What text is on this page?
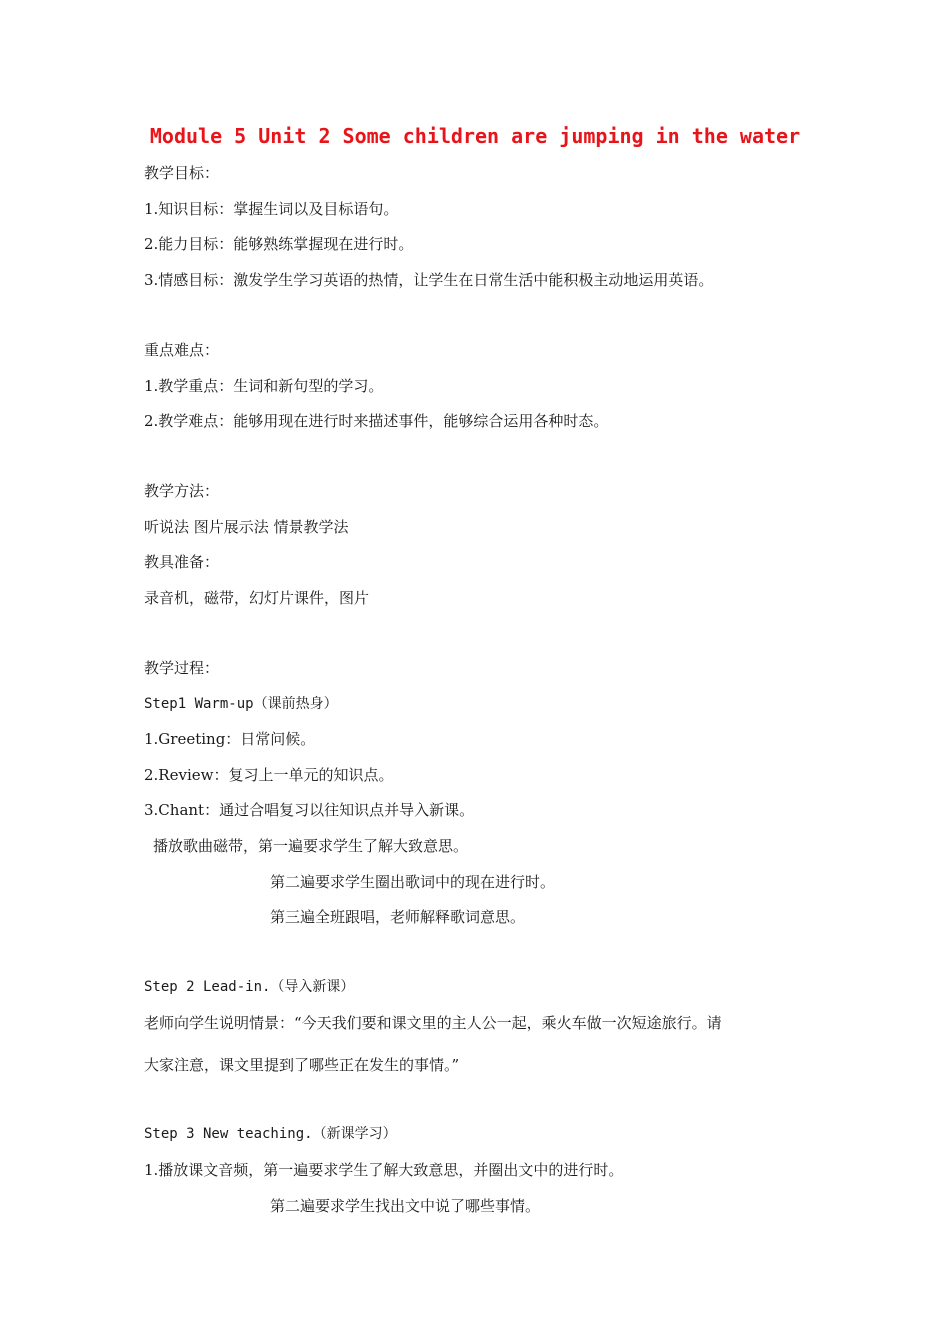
Module 5 Unit 2 Some children are jumping in the water
教学目标：
1.知识目标：掌握生词以及目标语句。
2.能力目标：能够熟练掌握现在进行时。
3.情感目标：激发学生学习英语的热情，让学生在日常生活中能积极主动地运用英语。
重点难点：
1.教学重点：生词和新句型的学习。
2.教学难点：能够用现在进行时来描述事件，能够综合运用各种时态。
教学方法：
听说法 图片展示法 情景教学法
教具准备：
录音机，磁带，幻灯片课件，图片
教学过程：
Step1 Warm-up（课前热身）
1.Greeting：日常问候。
2.Review：复习上一单元的知识点。
3.Chant：通过合唱复习以往知识点并导入新课。
播放歌曲磁带，第一遍要求学生了解大致意思。
第二遍要求学生圈出歌词中的现在进行时。
第三遍全班跟唱，老师解释歌词意思。
Step 2 Lead-in.（导入新课）
老师向学生说明情景：“今天我们要和课文里的主人公一起，乘火车做一次短途旅行。请
大家注意，课文里提到了哪些正在发生的事情。”
Step 3 New teaching.（新课学习）
1.播放课文音频，第一遍要求学生了解大致意思，并圈出文中的进行时。
第二遍要求学生找出文中说了哪些事情。
